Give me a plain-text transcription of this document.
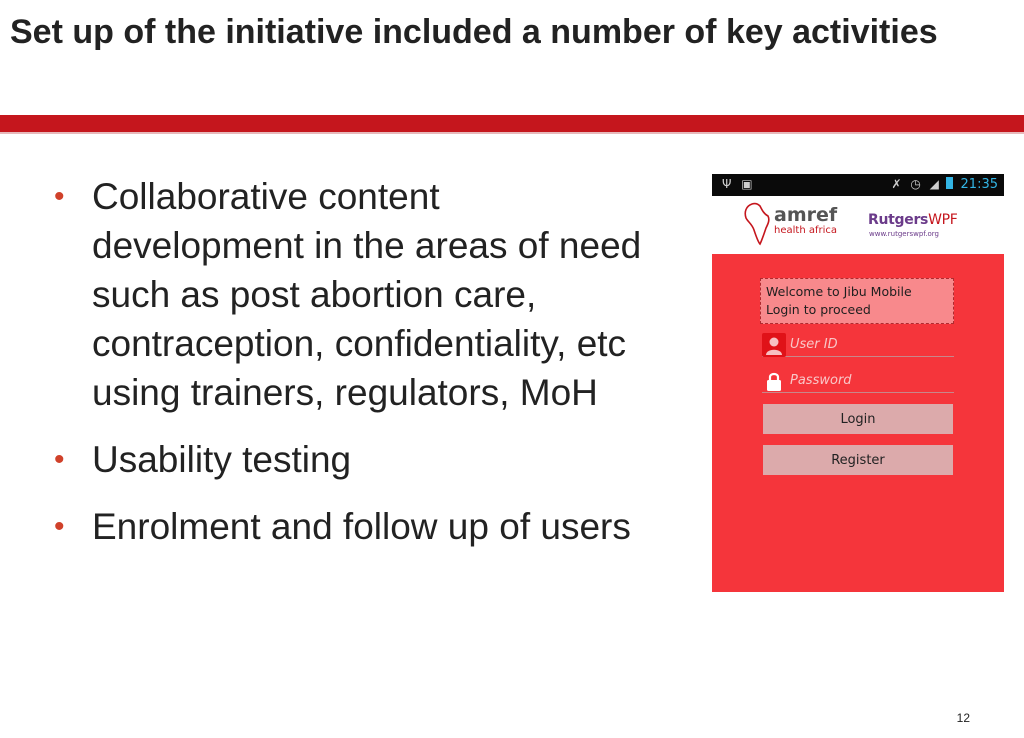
Set up of the initiative included a number of key activities
• Collaborative content
development in the areas of need
such as post abortion care,
contraception, confidentiality, etc
using trainers, regulators, MoH
• Usability testing
• Enrolment and follow up of users
Ψ ▣	✗ ◷ ◢ 21:35
amref
health africa
RutgersWPF
www.rutgerswpf.org
Welcome to Jibu Mobile
Login to proceed
User ID
Login
Register
12
